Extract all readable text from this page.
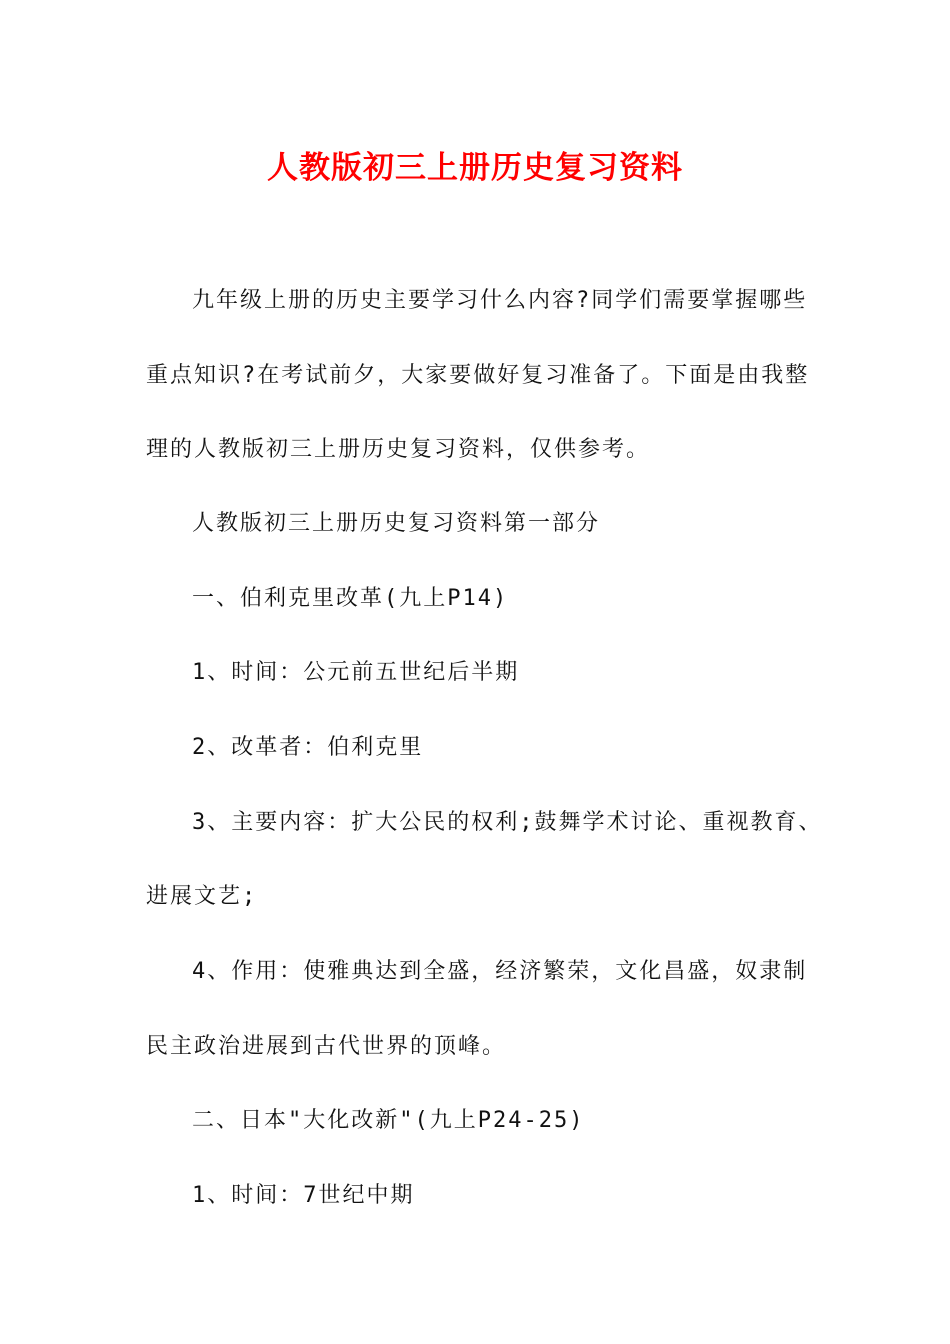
人教版初三上册历史复习资料

九年级上册的历史主要学习什么内容?同学们需要掌握哪些

重点知识?在考试前夕，大家要做好复习准备了。下面是由我整

理的人教版初三上册历史复习资料，仅供参考。

人教版初三上册历史复习资料第一部分

一、伯利克里改革(九上P14)

1、时间：公元前五世纪后半期

2、改革者：伯利克里

3、主要内容：扩大公民的权利;鼓舞学术讨论、重视教育、

进展文艺;

4、作用：使雅典达到全盛，经济繁荣，文化昌盛，奴隶制

民主政治进展到古代世界的顶峰。

二、日本"大化改新"(九上P24-25)

1、时间：7世纪中期
